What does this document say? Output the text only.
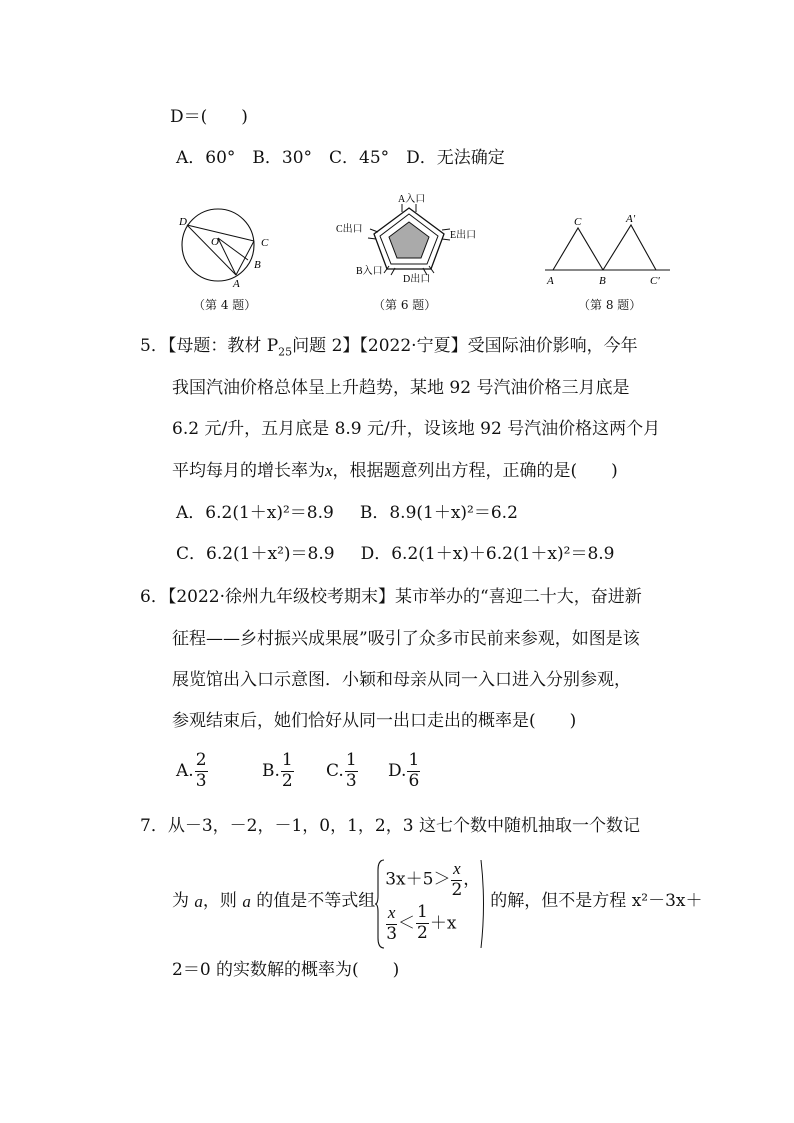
D＝(　　)
A．60°　B．30°　C．45°　D．无法确定
D
O	C
B
A
（第 4 题）
A入口
C出口
E出口
B入口
D出口
（第 6 题）
C	A′
A	B	C′
（第 8 题）
5．【母题：教材 $P_{25}$问题 2】【2022·宁夏】受国际油价影响，今年
我国汽油价格总体呈上升趋势，某地 92 号汽油价格三月底是
6.2 元/升，五月底是 8.9 元/升，设该地 92 号汽油价格这两个月
平均每月的增长率为x，根据题意列出方程，正确的是(　　)
A．6.2(1＋x)²＝8.9 B．8.9(1＋x)²＝6.2
C．6.2(1＋x²)＝8.9 D．6.2(1＋x)＋6.2(1＋x)²＝8.9
6．【2022·徐州九年级校考期末】某市举办的“喜迎二十大，奋进新
征程——乡村振兴成果展”吸引了众多市民前来参观，如图是该
展览馆出入口示意图．小颖和母亲从同一入口进入分别参观，
参观结束后，她们恰好从同一出口走出的概率是(　　)
A. $\frac{2}{3}$	B. $\frac{1}{2} C$. $\frac{1}{3} D$. $\frac{1}{6}$
7．从－3，－2，－1，0，1，2，3 这七个数中随机抽取一个数记
为 a，则 a 的值是不等式组
$3x+5> \frac{x}{2}$ ，
$\frac{x}{3} < \frac{1}{2} +x$
的解，但不是方程 x²－3x＋
2＝0 的实数解的概率为(　　)
